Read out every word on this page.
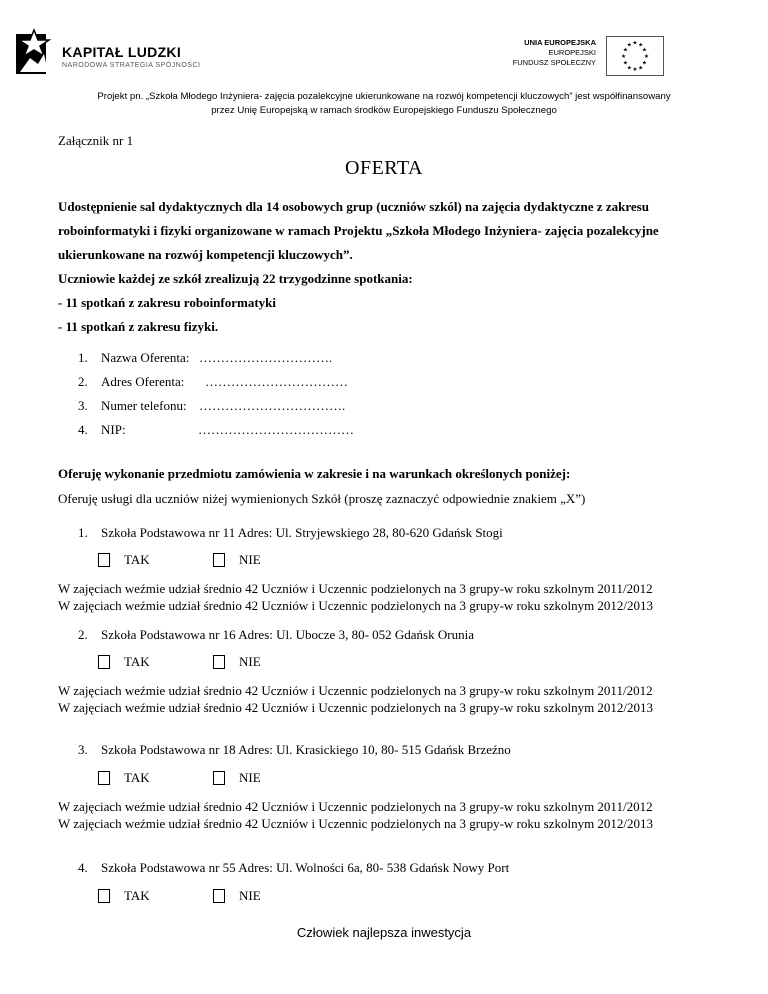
KAPITAŁ LUDZKI
NARODOWA STRATEGIA SPÓJNOŚCI
UNIA EUROPEJSKA
EUROPEJSKI
FUNDUSZ SPOŁECZNY
★ ★
★
★
★
★
★
★
★
★
★
★
Projekt pn. „Szkoła Młodego Inżyniera- zajęcia pozalekcyjne ukierunkowane na rozwój kompetencji kluczowych” jest współfinansowany
przez Unię Europejską w ramach środków Europejskiego Funduszu Społecznego
Załącznik nr 1
OFERTA

Udostępnienie sal dydaktycznych dla 14 osobowych grup (uczniów szkól) na zajęcia dydaktyczne z zakresu

roboinformatyki i fizyki organizowane w ramach Projektu „Szkoła Młodego Inżyniera- zajęcia pozalekcyjne

ukierunkowane na rozwój kompetencji kluczowych”.

Uczniowie każdej ze szkół zrealizują 22 trzygodzinne spotkania:

- 11 spotkań z zakresu roboinformatyki

- 11 spotkań z zakresu fizyki.

1.	Nazwa Oferenta: ………………………….
2.	Adres Oferenta:	……………………………
3.	Numer telefonu: …………………………….
4.	NIP:	………………………………
Oferuję wykonanie przedmiotu zamówienia w zakresie i na warunkach określonych poniżej:
Oferuję usługi dla uczniów niżej wymienionych Szkół (proszę zaznaczyć odpowiednie znakiem „X”)
1. Szkoła Podstawowa nr 11 Adres: Ul. Stryjewskiego 28, 80-620 Gdańsk Stogi
TAK	NIE
W zajęciach weźmie udział średnio 42 Uczniów i Uczennic podzielonych na 3 grupy-w roku szkolnym 2011/2012
W zajęciach weźmie udział średnio 42 Uczniów i Uczennic podzielonych na 3 grupy-w roku szkolnym 2012/2013
2. Szkoła Podstawowa nr 16 Adres: Ul. Ubocze 3, 80- 052 Gdańsk Orunia
TAK	NIE
W zajęciach weźmie udział średnio 42 Uczniów i Uczennic podzielonych na 3 grupy-w roku szkolnym 2011/2012
W zajęciach weźmie udział średnio 42 Uczniów i Uczennic podzielonych na 3 grupy-w roku szkolnym 2012/2013
3. Szkoła Podstawowa nr 18 Adres: Ul. Krasickiego 10, 80- 515 Gdańsk Brzeźno
TAK	NIE
W zajęciach weźmie udział średnio 42 Uczniów i Uczennic podzielonych na 3 grupy-w roku szkolnym 2011/2012
W zajęciach weźmie udział średnio 42 Uczniów i Uczennic podzielonych na 3 grupy-w roku szkolnym 2012/2013
4. Szkoła Podstawowa nr 55 Adres: Ul. Wolności 6a, 80- 538 Gdańsk Nowy Port
TAK	NIE
Człowiek najlepsza inwestycja
